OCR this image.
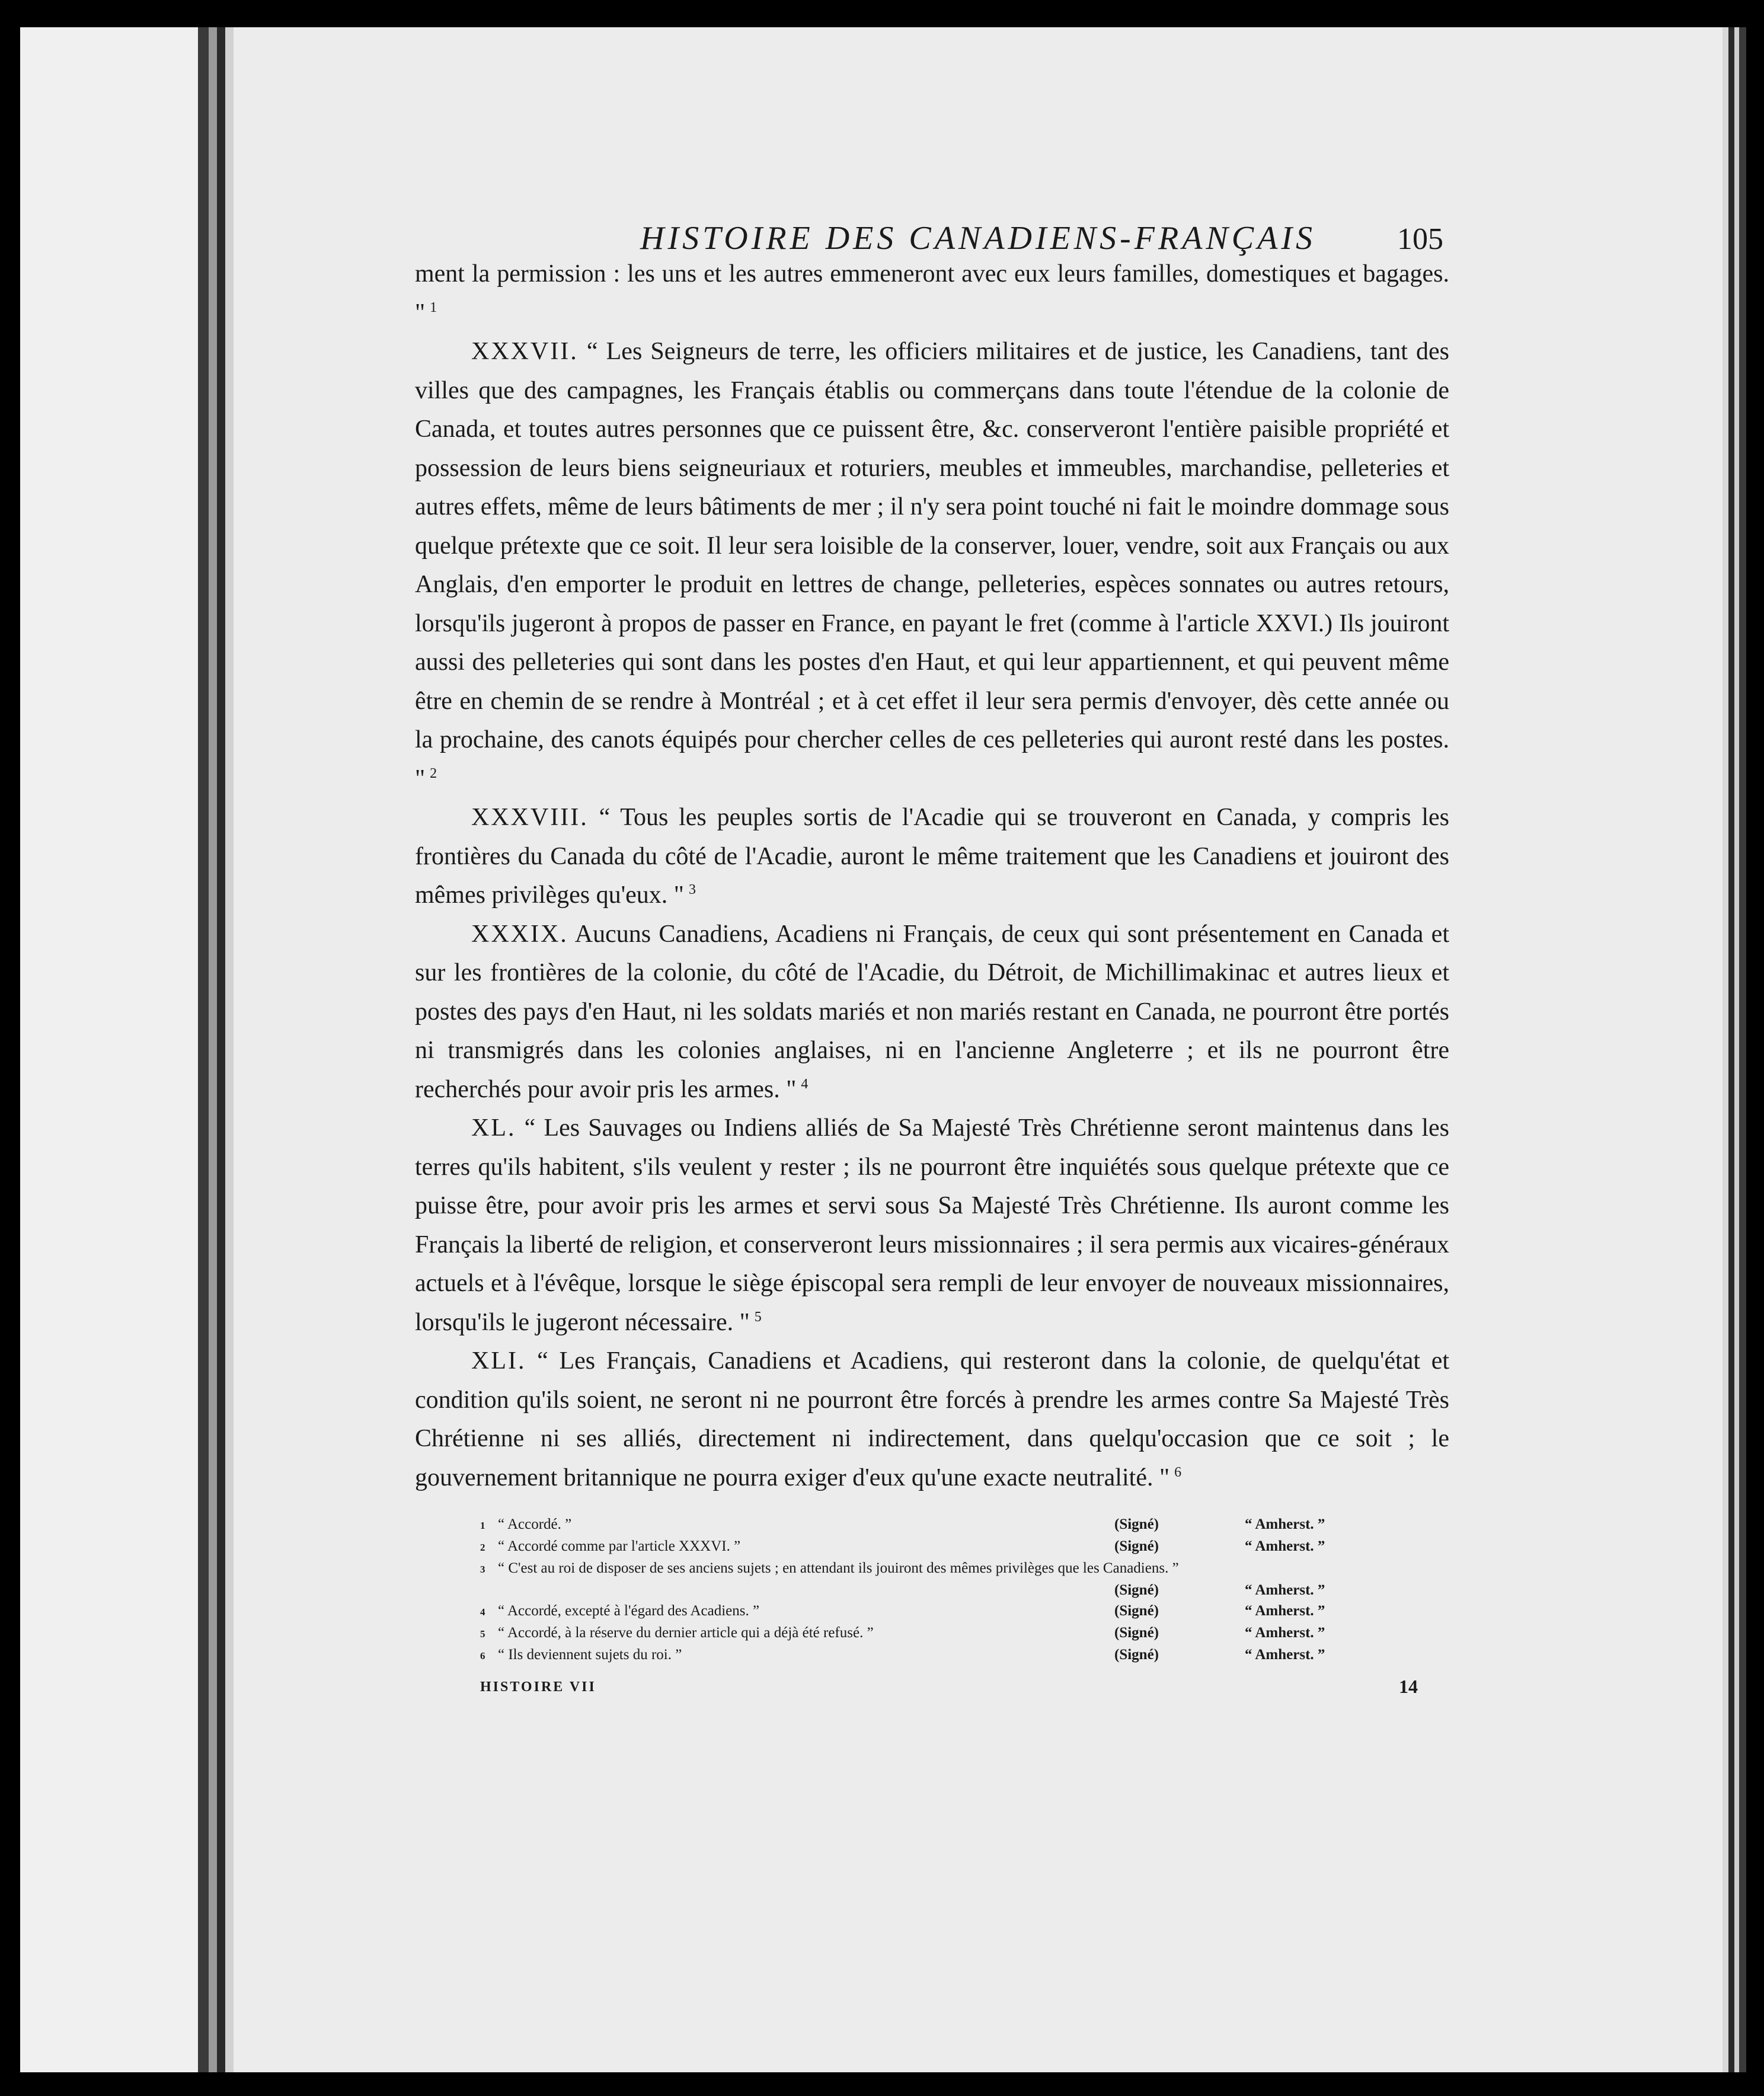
HISTOIRE DES CANADIENS-FRANÇAIS	105

ment la permission : les uns et les autres emmeneront avec eux leurs familles, domestiques et bagages. " $^1$

XXXVII. “ Les Seigneurs de terre, les officiers militaires et de justice, les Canadiens, tant des villes que des campagnes, les Français établis ou commerçans dans toute l'étendue de la colonie de Canada, et toutes autres personnes que ce puissent être, &c. conserveront l'entière paisible propriété et possession de leurs biens seigneuriaux et roturiers, meubles et immeubles, marchandise, pelleteries et autres effets, même de leurs bâtiments de mer ; il n'y sera point touché ni fait le moindre dommage sous quelque prétexte que ce soit. Il leur sera loisible de la conserver, louer, vendre, soit aux Français ou aux Anglais, d'en emporter le produit en lettres de change, pelleteries, espèces sonnates ou autres retours, lorsqu'ils jugeront à propos de passer en France, en payant le fret (comme à l'article XXVI.) Ils jouiront aussi des pelleteries qui sont dans les postes d'en Haut, et qui leur appartiennent, et qui peuvent même être en chemin de se rendre à Montréal ; et à cet effet il leur sera permis d'envoyer, dès cette année ou la prochaine, des canots équipés pour chercher celles de ces pelleteries qui auront resté dans les postes. " $^2$

XXXVIII. “ Tous les peuples sortis de l'Acadie qui se trouveront en Canada, y compris les frontières du Canada du côté de l'Acadie, auront le même traitement que les Canadiens et jouiront des mêmes privilèges qu'eux. " $^3$

XXXIX. Aucuns Canadiens, Acadiens ni Français, de ceux qui sont présentement en Canada et sur les frontières de la colonie, du côté de l'Acadie, du Détroit, de Michillimakinac et autres lieux et postes des pays d'en Haut, ni les soldats mariés et non mariés restant en Canada, ne pourront être portés ni transmigrés dans les colonies anglaises, ni en l'ancienne Angleterre ; et ils ne pourront être recherchés pour avoir pris les armes. " $^4$

XL. “ Les Sauvages ou Indiens alliés de Sa Majesté Très Chrétienne seront maintenus dans les terres qu'ils habitent, s'ils veulent y rester ; ils ne pourront être inquiétés sous quelque prétexte que ce puisse être, pour avoir pris les armes et servi sous Sa Majesté Très Chrétienne. Ils auront comme les Français la liberté de religion, et conserveront leurs missionnaires ; il sera permis aux vicaires-généraux actuels et à l'évêque, lorsque le siège épiscopal sera rempli de leur envoyer de nouveaux missionnaires, lorsqu'ils le jugeront nécessaire. " $^5$

XLI. “ Les Français, Canadiens et Acadiens, qui resteront dans la colonie, de quelqu'état et condition qu'ils soient, ne seront ni ne pourront être forcés à prendre les armes contre Sa Majesté Très Chrétienne ni ses alliés, directement ni indirectement, dans quelqu'occasion que ce soit ; le gouvernement britannique ne pourra exiger d'eux qu'une exacte neutralité. " $^6$

1 “ Accordé. ”	(Signé)	“ Amherst. ”
2 “ Accordé comme par l'article XXXVI. ”	(Signé)	“ Amherst. ”
3 “ C'est au roi de disposer de ses anciens sujets ; en attendant ils jouiront des mêmes privilèges que les Canadiens. ”
(Signé)	“ Amherst. ”
4 “ Accordé, excepté à l'égard des Acadiens. ”	(Signé)	“ Amherst. ”
5 “ Accordé, à la réserve du dernier article qui a déjà été refusé. ”	(Signé)	“ Amherst. ”
6 “ Ils deviennent sujets du roi. ”	(Signé)	“ Amherst. ”
HISTOIRE VII	14
